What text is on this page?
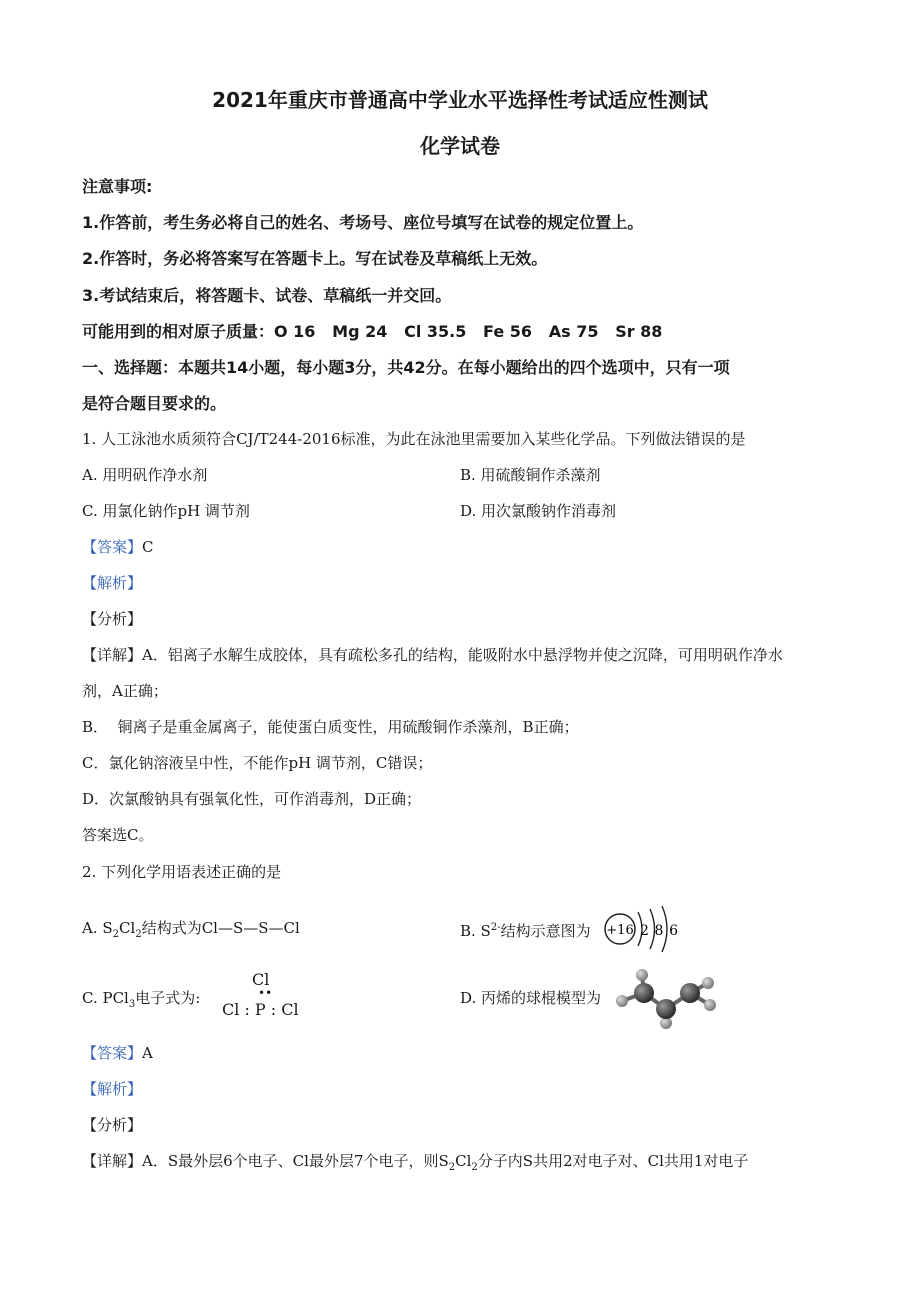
2021年重庆市普通高中学业水平选择性考试适应性测试
化学试卷
注意事项:
1.作答前，考生务必将自己的姓名、考场号、座位号填写在试卷的规定位置上。
2.作答时，务必将答案写在答题卡上。写在试卷及草稿纸上无效。
3.考试结束后，将答题卡、试卷、草稿纸一并交回。
可能用到的相对原子质量：O 16   Mg 24   Cl 35.5   Fe 56   As 75   Sr 88
一、选择题：本题共14小题，每小题3分，共42分。在每小题给出的四个选项中，只有一项
是符合题目要求的。
1. 人工泳池水质须符合CJ/T244-2016标准，为此在泳池里需要加入某些化学品。下列做法错误的是
A. 用明矾作净水剂	B. 用硫酸铜作杀藻剂
C. 用氯化钠作pH 调节剂	D. 用次氯酸钠作消毒剂
【答案】C
【解析】
【分析】
【详解】A．铝离子水解生成胶体，具有疏松多孔的结构，能吸附水中悬浮物并使之沉降，可用明矾作净水
剂，A正确；
B．  铜离子是重金属离子，能使蛋白质变性，用硫酸铜作杀藻剂，B正确；
C．氯化钠溶液呈中性，不能作pH 调节剂，C错误；
D．次氯酸钠具有强氧化性，可作消毒剂，D正确；
答案选C。
2. 下列化学用语表述正确的是
A. $S_2Cl_2$结构式为Cl—S—S—Cl	B. $S^{2-}$结构示意图为 +16 2 8 6
C. PCl$_3$电子式为:
Cl
••
Cl : P : Cl
D. 丙烯的球棍模型为
【答案】A
【解析】
【分析】
【详解】A．S最外层6个电子、Cl最外层7个电子，则$S_2Cl_2$分子内S共用2对电子对、Cl共用1对电子
